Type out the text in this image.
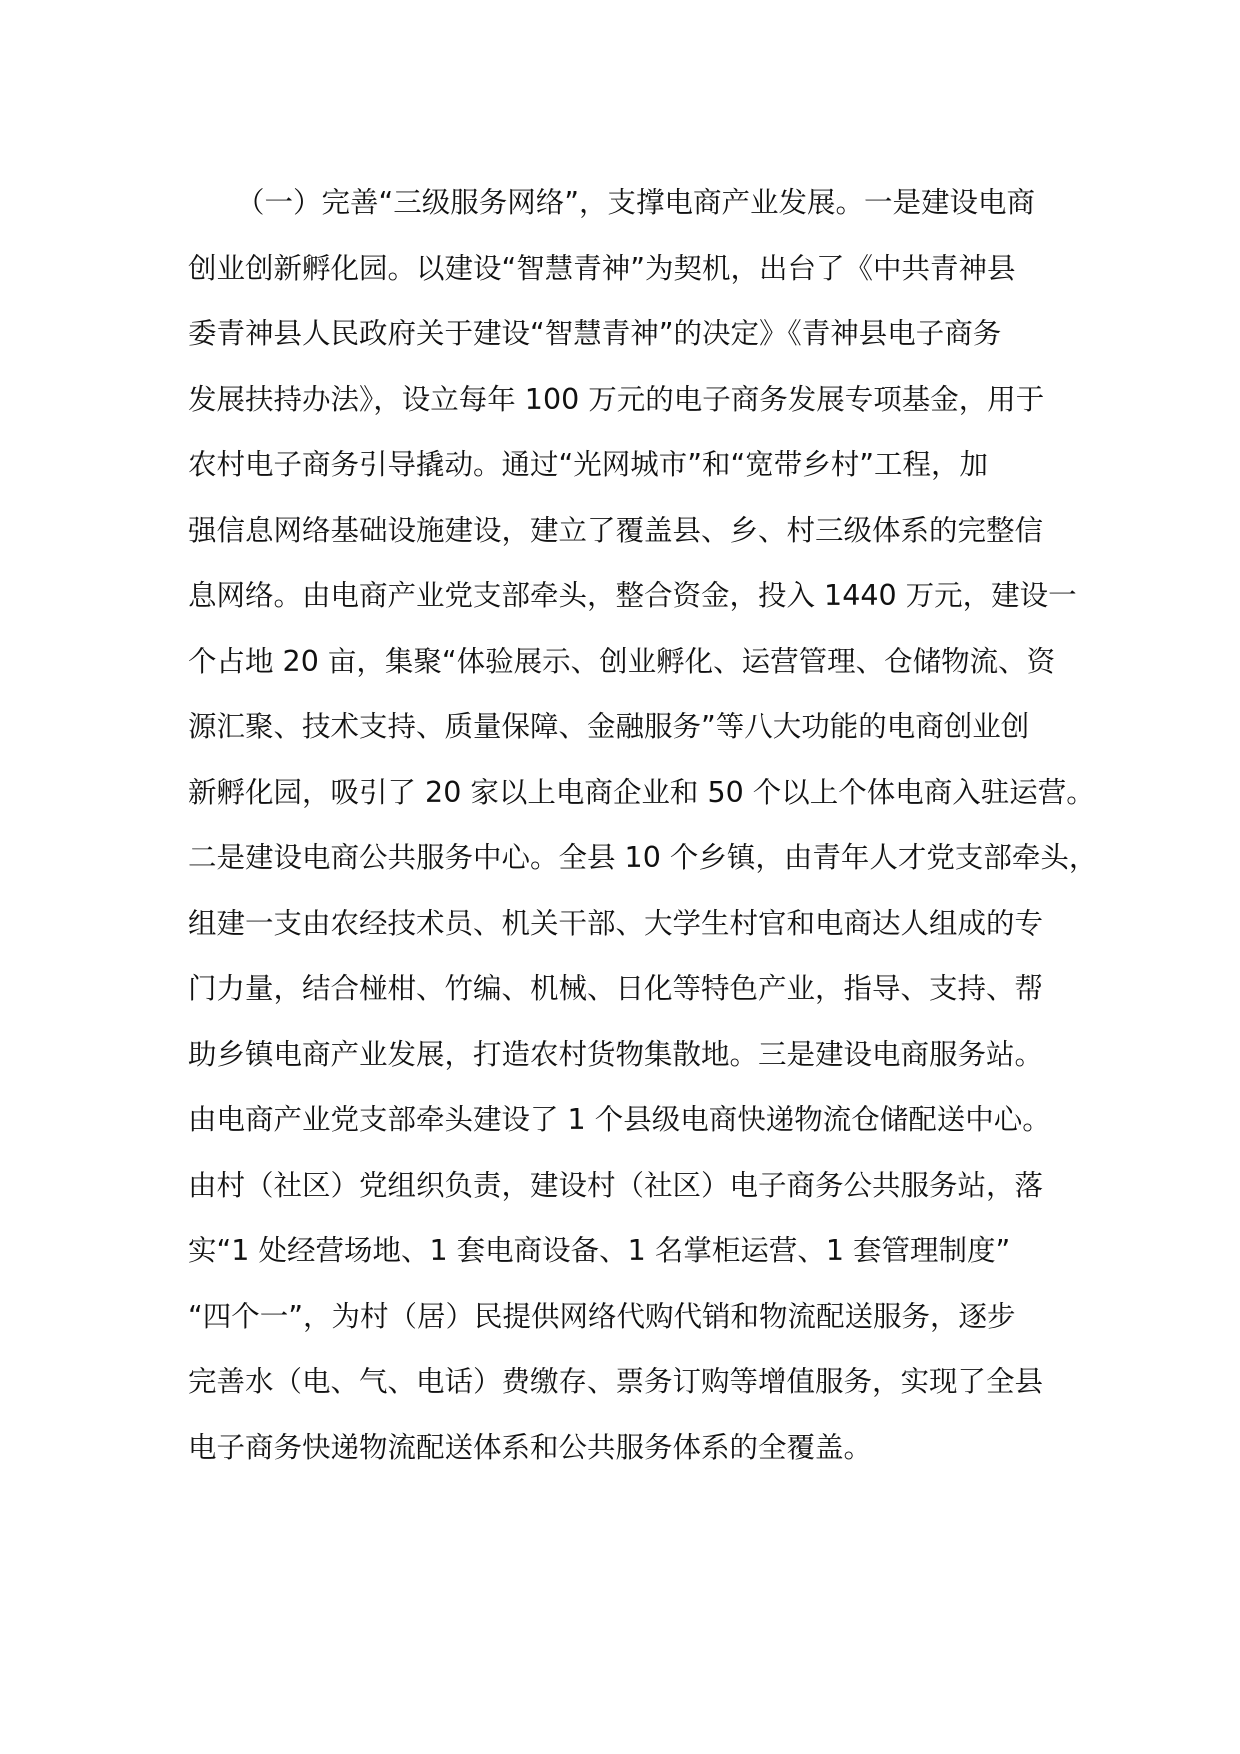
（一）完善“三级服务网络”，支撑电商产业发展。一是建设电商
创业创新孵化园。以建设“智慧青神”为契机，出台了《中共青神县
委青神县人民政府关于建设“智慧青神”的决定》《青神县电子商务
发展扶持办法》，设立每年 100 万元的电子商务发展专项基金，用于
农村电子商务引导撬动。通过“光网城市”和“宽带乡村”工程，加
强信息网络基础设施建设，建立了覆盖县、乡、村三级体系的完整信
息网络。由电商产业党支部牵头，整合资金，投入 1440 万元，建设一
个占地 20 亩，集聚“体验展示、创业孵化、运营管理、仓储物流、资
源汇聚、技术支持、质量保障、金融服务”等八大功能的电商创业创
新孵化园，吸引了 20 家以上电商企业和 50 个以上个体电商入驻运营。
二是建设电商公共服务中心。全县 10 个乡镇，由青年人才党支部牵头，
组建一支由农经技术员、机关干部、大学生村官和电商达人组成的专
门力量，结合椪柑、竹编、机械、日化等特色产业，指导、支持、帮
助乡镇电商产业发展，打造农村货物集散地。三是建设电商服务站。
由电商产业党支部牵头建设了 1 个县级电商快递物流仓储配送中心。
由村（社区）党组织负责，建设村（社区）电子商务公共服务站，落
实“1 处经营场地、1 套电商设备、1 名掌柜运营、1 套管理制度”
“四个一”，为村（居）民提供网络代购代销和物流配送服务，逐步
完善水（电、气、电话）费缴存、票务订购等增值服务，实现了全县
电子商务快递物流配送体系和公共服务体系的全覆盖。
